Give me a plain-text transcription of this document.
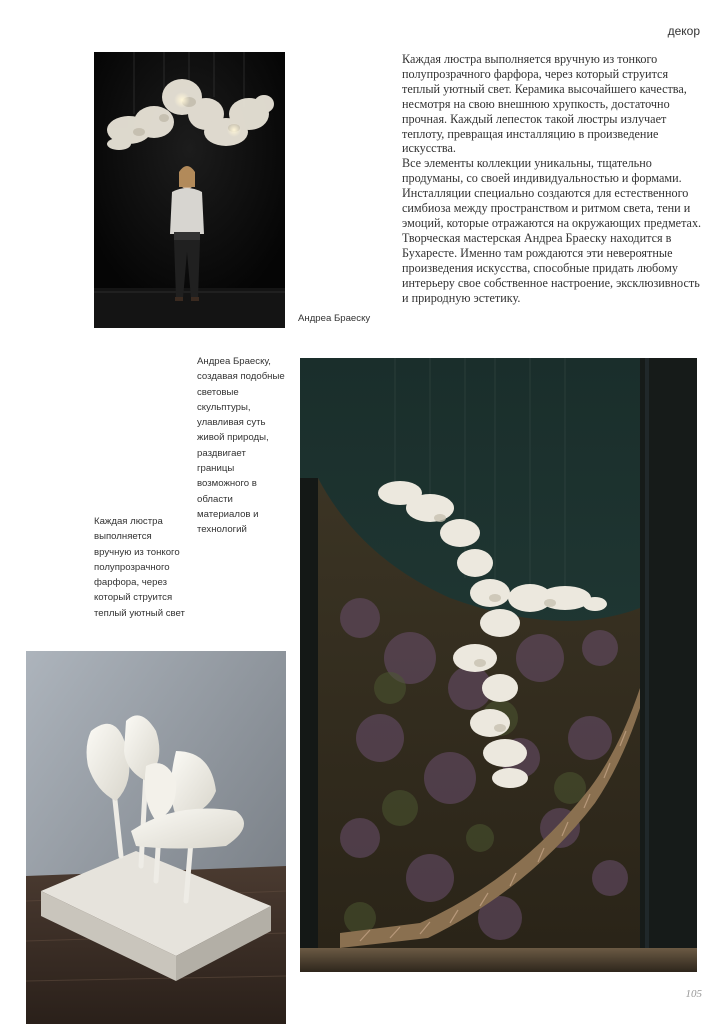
декор
Андреа Браеску

Каждая люстра выполняется вручную из тонкого полупрозрачного фарфора, через который струится теплый уютный свет. Керамика высочайшего качества, несмотря на свою внешнюю хрупкость, достаточно прочная. Каждый лепесток такой люстры излучает теплоту, превращая инсталляцию в произведение искусства.

Все элементы коллекции уникальны, тщательно продуманы, со своей индивидуальностью и формами. Инсталляции специально создаются для естественного симбиоза между пространством и ритмом света, тени и эмоций, которые отражаются на окружающих предметах. Творческая мастерская Андреа Браеску находится в Бухаресте. Именно там рождаются эти невероятные произведения искусства, способные придать любому интерьеру свое собственное настроение, эксклюзивность и природную эстетику.

Андреа Браеску, создавая подобные световые скульптуры, улавливая суть живой природы, раздвигает границы возможного в области материалов и технологий
Каждая люстра выполняется вручную из тонкого полупрозрачного фарфора, через который струится теплый уютный свет
105
